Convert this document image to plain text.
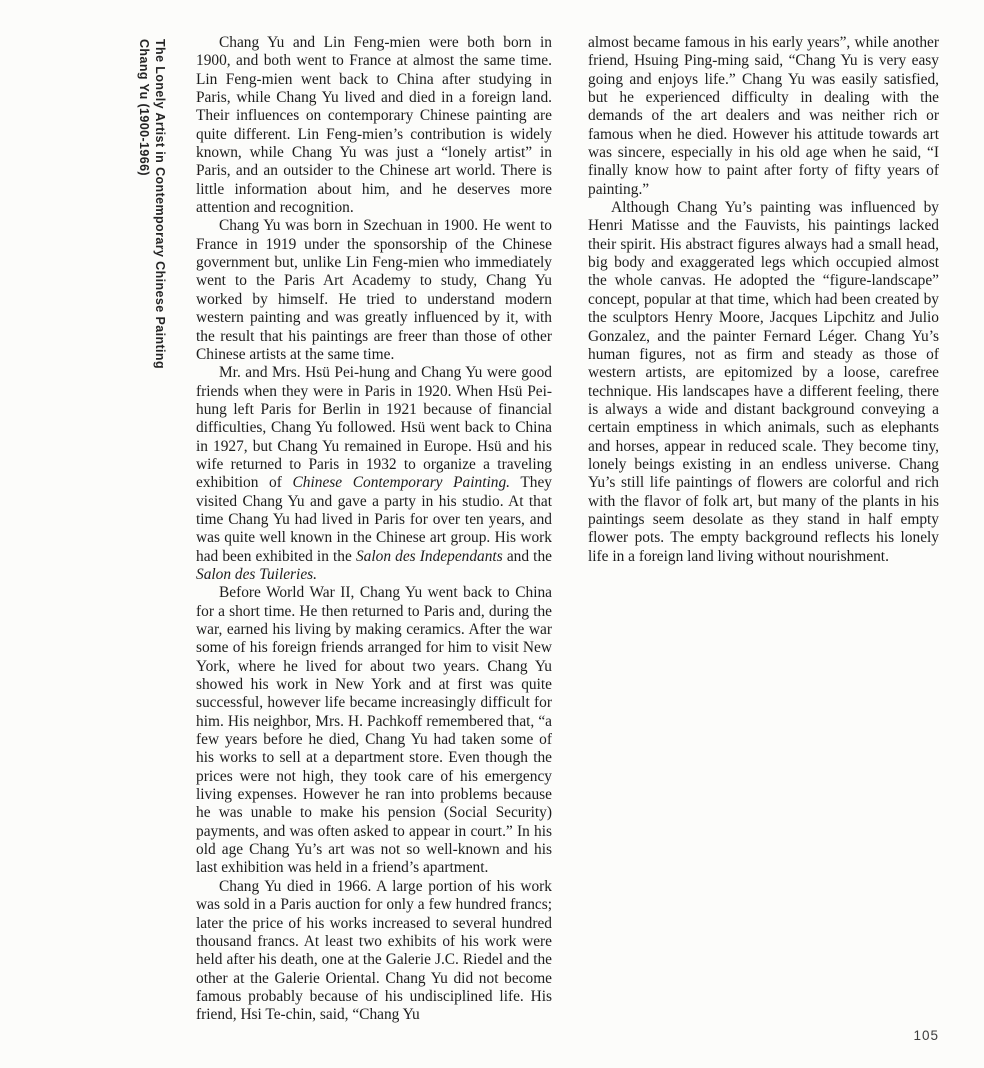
The Lonely Artist in Contemporary Chinese Painting
Chang Yu (1900-1966)	Chang Yu and Lin Feng-mien were both born in 1900, and both went to France at almost the same time. Lin Feng-mien went back to China after studying in Paris, while Chang Yu lived and died in a foreign land. Their influences on contemporary Chinese painting are quite different. Lin Feng-mien’s contribution is widely known, while Chang Yu was just a “lonely artist” in Paris, and an outsider to the Chinese art world. There is little information about him, and he deserves more attention and recognition.

Chang Yu was born in Szechuan in 1900. He went to France in 1919 under the sponsorship of the Chinese government but, unlike Lin Feng-mien who immediately went to the Paris Art Academy to study, Chang Yu worked by himself. He tried to understand modern western painting and was greatly influenced by it, with the result that his paintings are freer than those of other Chinese artists at the same time.

Mr. and Mrs. Hsü Pei-hung and Chang Yu were good friends when they were in Paris in 1920. When Hsü Pei-hung left Paris for Berlin in 1921 because of financial difficulties, Chang Yu followed. Hsü went back to China in 1927, but Chang Yu remained in Europe. Hsü and his wife returned to Paris in 1932 to organize a traveling exhibition of Chinese Contemporary Painting. They visited Chang Yu and gave a party in his studio. At that time Chang Yu had lived in Paris for over ten years, and was quite well known in the Chinese art group. His work had been exhibited in the Salon des Independants and the Salon des Tuileries.

Before World War II, Chang Yu went back to China for a short time. He then returned to Paris and, during the war, earned his living by making ceramics. After the war some of his foreign friends arranged for him to visit New York, where he lived for about two years. Chang Yu showed his work in New York and at first was quite successful, however life became increasingly difficult for him. His neighbor, Mrs. H. Pachkoff remembered that, “a few years before he died, Chang Yu had taken some of his works to sell at a department store. Even though the prices were not high, they took care of his emergency living expenses. However he ran into problems because he was unable to make his pension (Social Security) payments, and was often asked to appear in court.” In his old age Chang Yu’s art was not so well-known and his last exhibition was held in a friend’s apartment.

Chang Yu died in 1966. A large portion of his work was sold in a Paris auction for only a few hundred francs; later the price of his works increased to several hundred thousand francs. At least two exhibits of his work were held after his death, one at the Galerie J.C. Riedel and the other at the Galerie Oriental. Chang Yu did not become famous probably because of his undisciplined life. His friend, Hsi Te-chin, said, “Chang Yu

almost became famous in his early years”, while another friend, Hsuing Ping-ming said, “Chang Yu is very easy going and enjoys life.” Chang Yu was easily satisfied, but he experienced difficulty in dealing with the demands of the art dealers and was neither rich or famous when he died. However his attitude towards art was sincere, especially in his old age when he said, “I finally know how to paint after forty of fifty years of painting.”

Although Chang Yu’s painting was influenced by Henri Matisse and the Fauvists, his paintings lacked their spirit. His abstract figures always had a small head, big body and exaggerated legs which occupied almost the whole canvas. He adopted the “figure-landscape” concept, popular at that time, which had been created by the sculptors Henry Moore, Jacques Lipchitz and Julio Gonzalez, and the painter Fernard Léger. Chang Yu’s human figures, not as firm and steady as those of western artists, are epitomized by a loose, carefree technique. His landscapes have a different feeling, there is always a wide and distant background conveying a certain emptiness in which animals, such as elephants and horses, appear in reduced scale. They become tiny, lonely beings existing in an endless universe. Chang Yu’s still life paintings of flowers are colorful and rich with the flavor of folk art, but many of the plants in his paintings seem desolate as they stand in half empty flower pots. The empty background reflects his lonely life in a foreign land living without nourishment.

105
